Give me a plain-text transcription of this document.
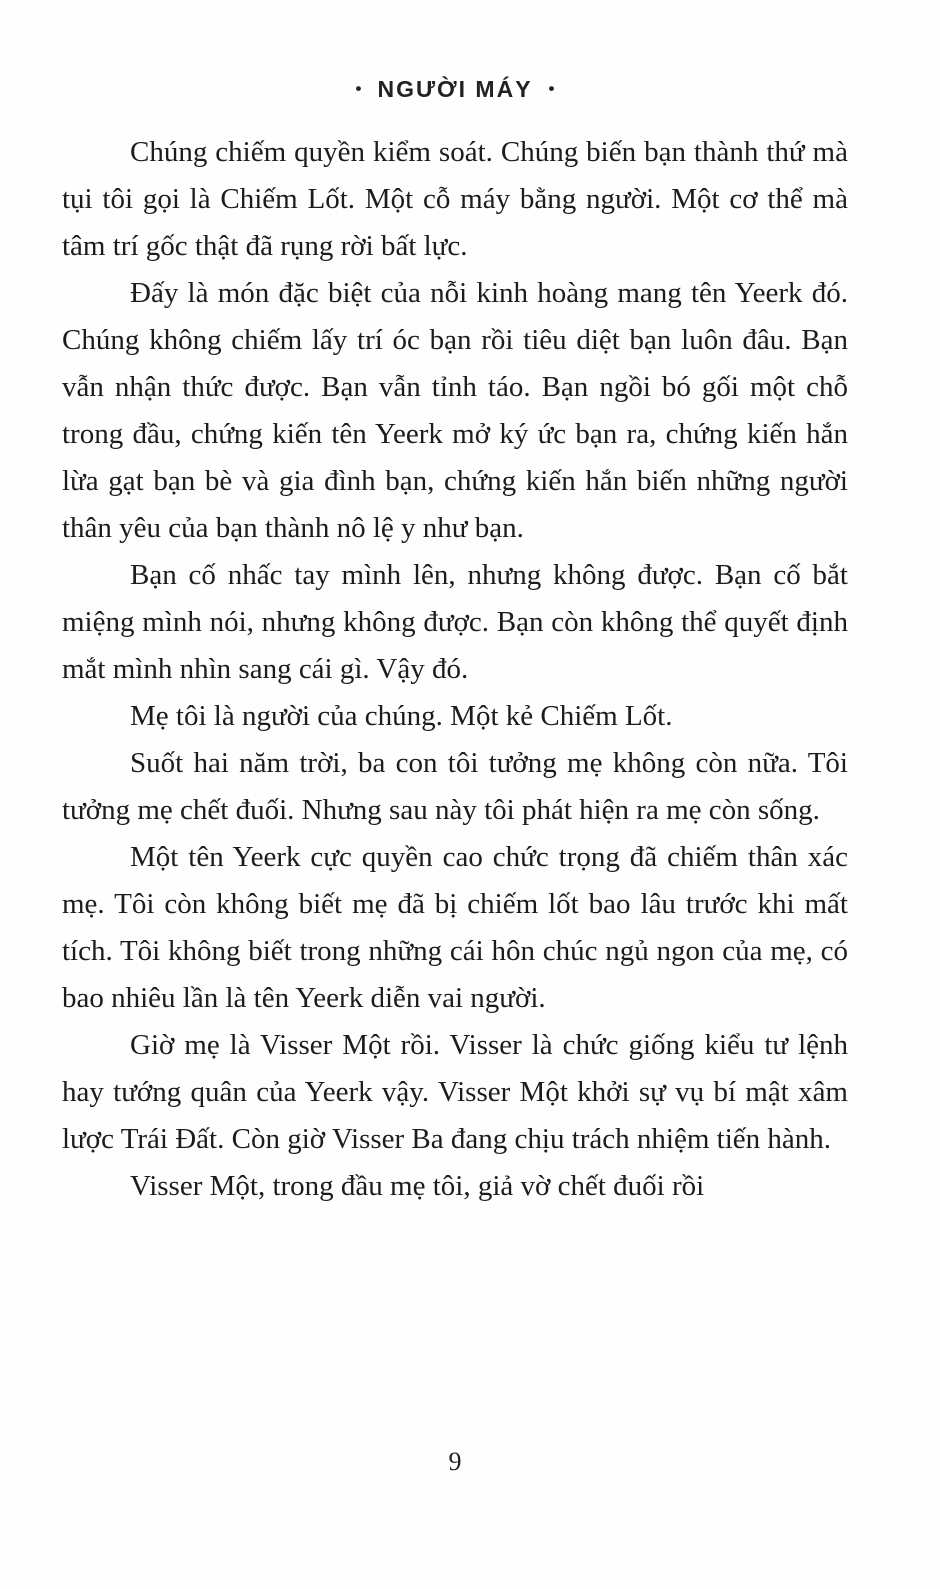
• NGƯỜI MÁY •

Chúng chiếm quyền kiểm soát. Chúng biến bạn thành thứ mà tụi tôi gọi là Chiếm Lốt. Một cỗ máy bằng người. Một cơ thể mà tâm trí gốc thật đã rụng rời bất lực.

Đấy là món đặc biệt của nỗi kinh hoàng mang tên Yeerk đó. Chúng không chiếm lấy trí óc bạn rồi tiêu diệt bạn luôn đâu. Bạn vẫn nhận thức được. Bạn vẫn tỉnh táo. Bạn ngồi bó gối một chỗ trong đầu, chứng kiến tên Yeerk mở ký ức bạn ra, chứng kiến hắn lừa gạt bạn bè và gia đình bạn, chứng kiến hắn biến những người thân yêu của bạn thành nô lệ y như bạn.

Bạn cố nhấc tay mình lên, nhưng không được. Bạn cố bắt miệng mình nói, nhưng không được. Bạn còn không thể quyết định mắt mình nhìn sang cái gì. Vậy đó.

Mẹ tôi là người của chúng. Một kẻ Chiếm Lốt.

Suốt hai năm trời, ba con tôi tưởng mẹ không còn nữa. Tôi tưởng mẹ chết đuối. Nhưng sau này tôi phát hiện ra mẹ còn sống.

Một tên Yeerk cực quyền cao chức trọng đã chiếm thân xác mẹ. Tôi còn không biết mẹ đã bị chiếm lốt bao lâu trước khi mất tích. Tôi không biết trong những cái hôn chúc ngủ ngon của mẹ, có bao nhiêu lần là tên Yeerk diễn vai người.

Giờ mẹ là Visser Một rồi. Visser là chức giống kiểu tư lệnh hay tướng quân của Yeerk vậy. Visser Một khởi sự vụ bí mật xâm lược Trái Đất. Còn giờ Visser Ba đang chịu trách nhiệm tiến hành.

Visser Một, trong đầu mẹ tôi, giả vờ chết đuối rồi

9
